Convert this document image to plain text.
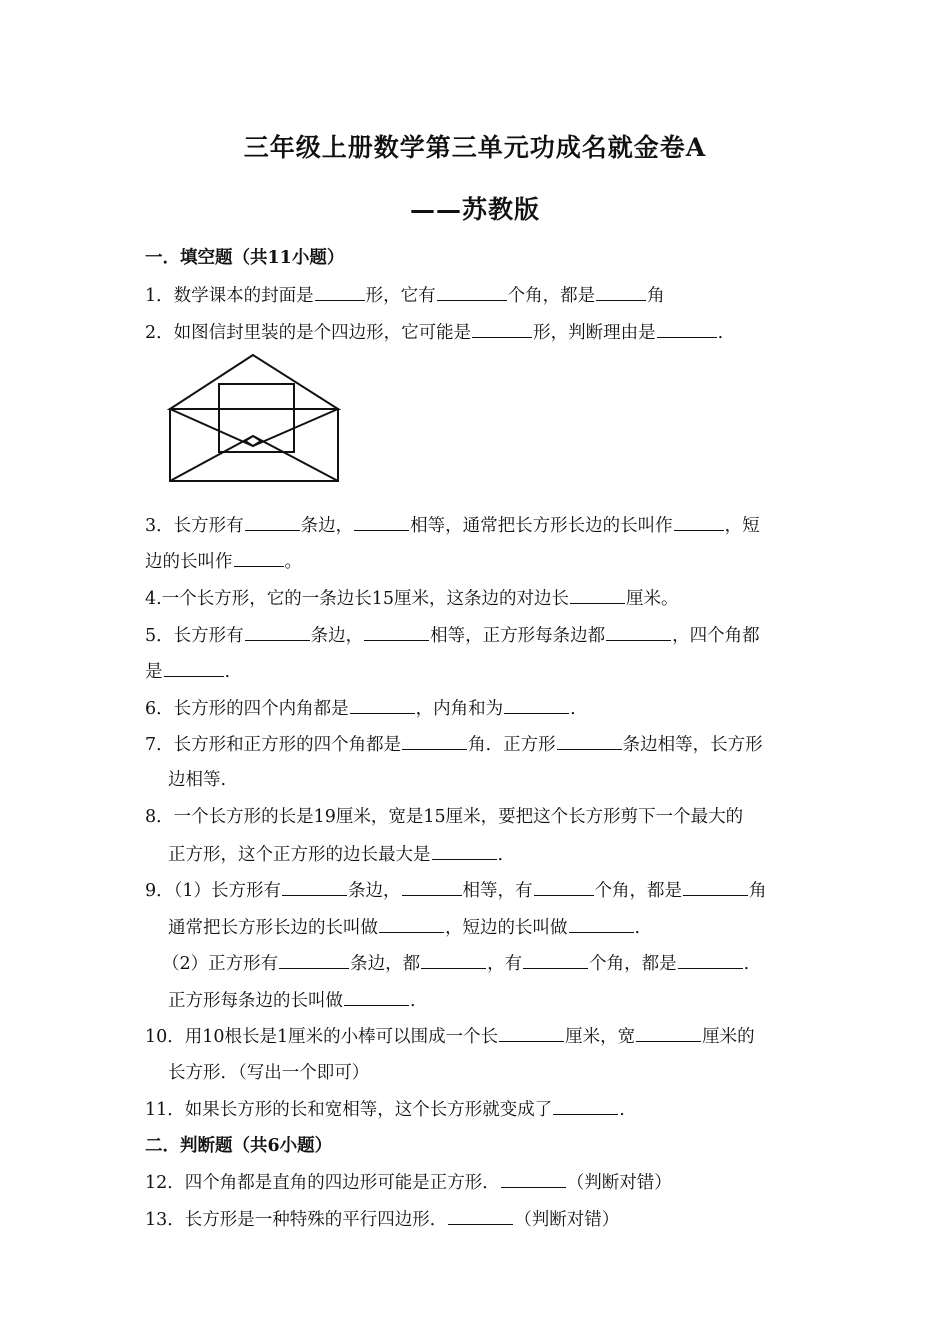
三年级上册数学第三单元功成名就金卷A
——苏教版
一．填空题（共11小题）
1．数学课本的封面是	形，它有	个角，都是	角
2．如图信封里装的是个四边形，它可能是	形，判断理由是	.
3．长方形有	条边，	相等，通常把长方形长边的长叫作	，短
边的长叫作	。
4.一个长方形，它的一条边长15厘米，这条边的对边长	厘米。
5．长方形有	条边，	相等，正方形每条边都	，四个角都
是	.
6．长方形的四个内角都是	，内角和为	.
7．长方形和正方形的四个角都是	角．正方形	条边相等，长方形
边相等.
8．一个长方形的长是19厘米，宽是15厘米，要把这个长方形剪下一个最大的
正方形，这个正方形的边长最大是	.
9．（1）长方形有	条边，	相等，有	个角，都是	角
通常把长方形长边的长叫做	，短边的长叫做	.
（2）正方形有	条边，都	，有	个角，都是	.
正方形每条边的长叫做	.
10．用10根长是1厘米的小棒可以围成一个长	厘米，宽	厘米的
长方形．（写出一个即可）
11．如果长方形的长和宽相等，这个长方形就变成了	.
二．判断题（共6小题）
12．四个角都是直角的四边形可能是正方形．	（判断对错）
13．长方形是一种特殊的平行四边形．	（判断对错）
